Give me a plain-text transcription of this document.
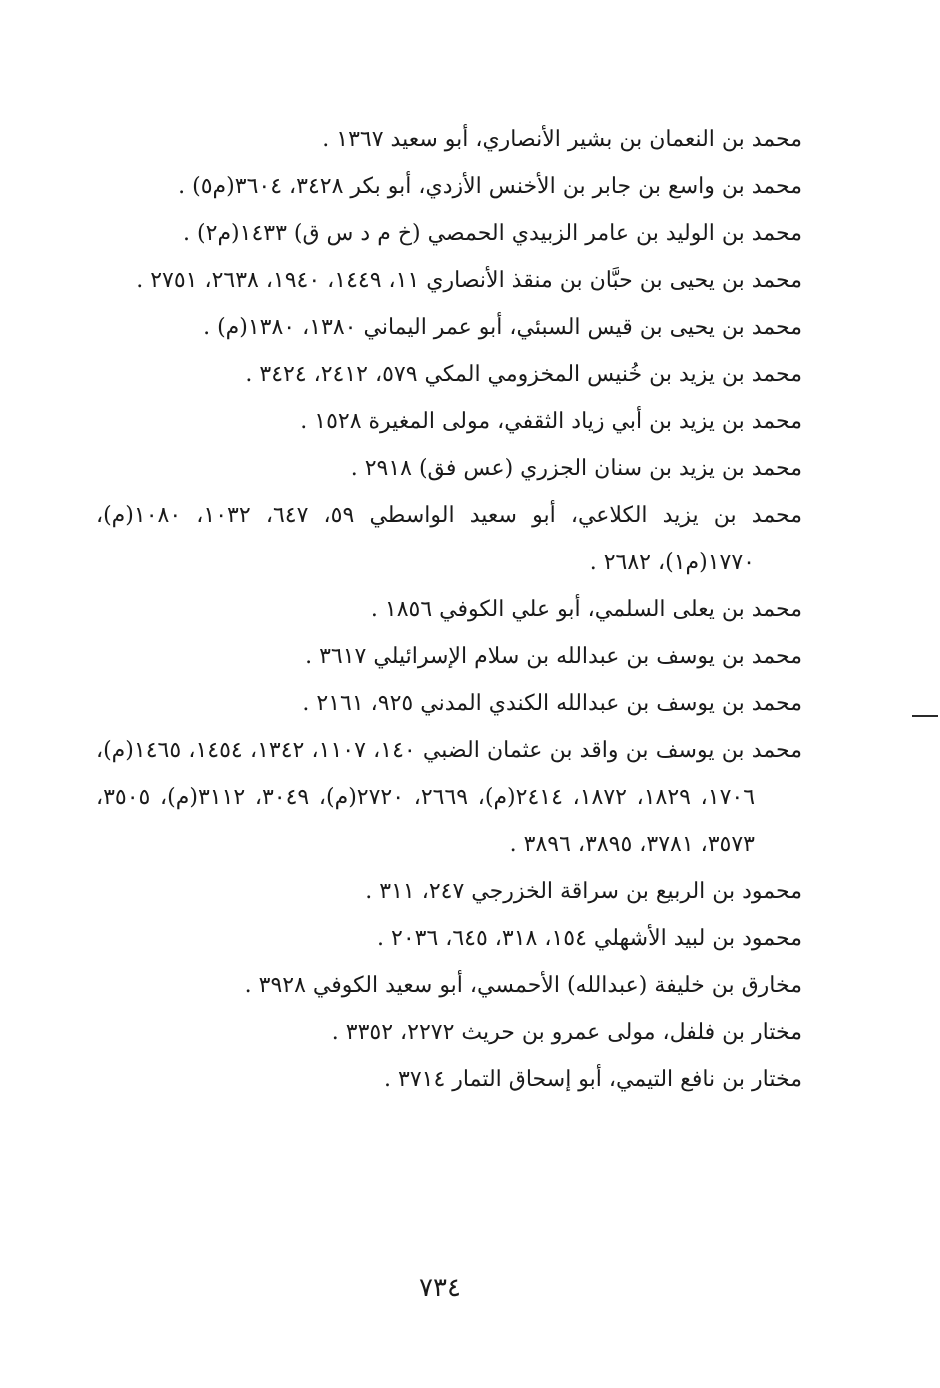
محمد بن النعمان بن بشير الأنصاري، أبو سعيد ١٣٦٧ .
محمد بن واسع بن جابر بن الأخنس الأزدي، أبو بكر ٣٤٢٨، ٣٦٠٤(م٥) .
محمد بن الوليد بن عامر الزبيدي الحمصي (خ م د س ق) ١٤٣٣(م٢) .
محمد بن يحيى بن حبَّان بن منقذ الأنصاري ١١، ١٤٤٩، ١٩٤٠، ٢٦٣٨، ٢٧٥١ .
محمد بن يحيى بن قيس السبئي، أبو عمر اليماني ١٣٨٠، ١٣٨٠(م) .
محمد بن يزيد بن خُنيس المخزومي المكي ٥٧٩، ٢٤١٢، ٣٤٢٤ .
محمد بن يزيد بن أبي زياد الثقفي، مولى المغيرة ١٥٢٨ .
محمد بن يزيد بن سنان الجزري (عس فق) ٢٩١٨ .
محمد بن يزيد الكلاعي، أبو سعيد الواسطي ٥٩، ٦٤٧، ١٠٣٢، ١٠٨٠(م)، ١٧٧٠(م١)، ٢٦٨٢ .
محمد بن يعلى السلمي، أبو علي الكوفي ١٨٥٦ .
محمد بن يوسف بن عبدالله بن سلام الإسرائيلي ٣٦١٧ .
محمد بن يوسف بن عبدالله الكندي المدني ٩٢٥، ٢١٦١ .
محمد بن يوسف بن واقد بن عثمان الضبي ١٤٠، ١١٠٧، ١٣٤٢، ١٤٥٤، ١٤٦٥(م)، ١٧٠٦، ١٨٢٩، ١٨٧٢، ٢٤١٤(م)، ٢٦٦٩، ٢٧٢٠(م)، ٣٠٤٩، ٣١١٢(م)، ٣٥٠٥، ٣٥٧٣، ٣٧٨١، ٣٨٩٥، ٣٨٩٦ .
محمود بن الربيع بن سراقة الخزرجي ٢٤٧، ٣١١ .
محمود بن لبيد الأشهلي ١٥٤، ٣١٨، ٦٤٥، ٢٠٣٦ .
مخارق بن خليفة (عبدالله) الأحمسي، أبو سعيد الكوفي ٣٩٢٨ .
مختار بن فلفل، مولى عمرو بن حريث ٢٢٧٢، ٣٣٥٢ .
مختار بن نافع التيمي، أبو إسحاق التمار ٣٧١٤ .
٧٣٤
